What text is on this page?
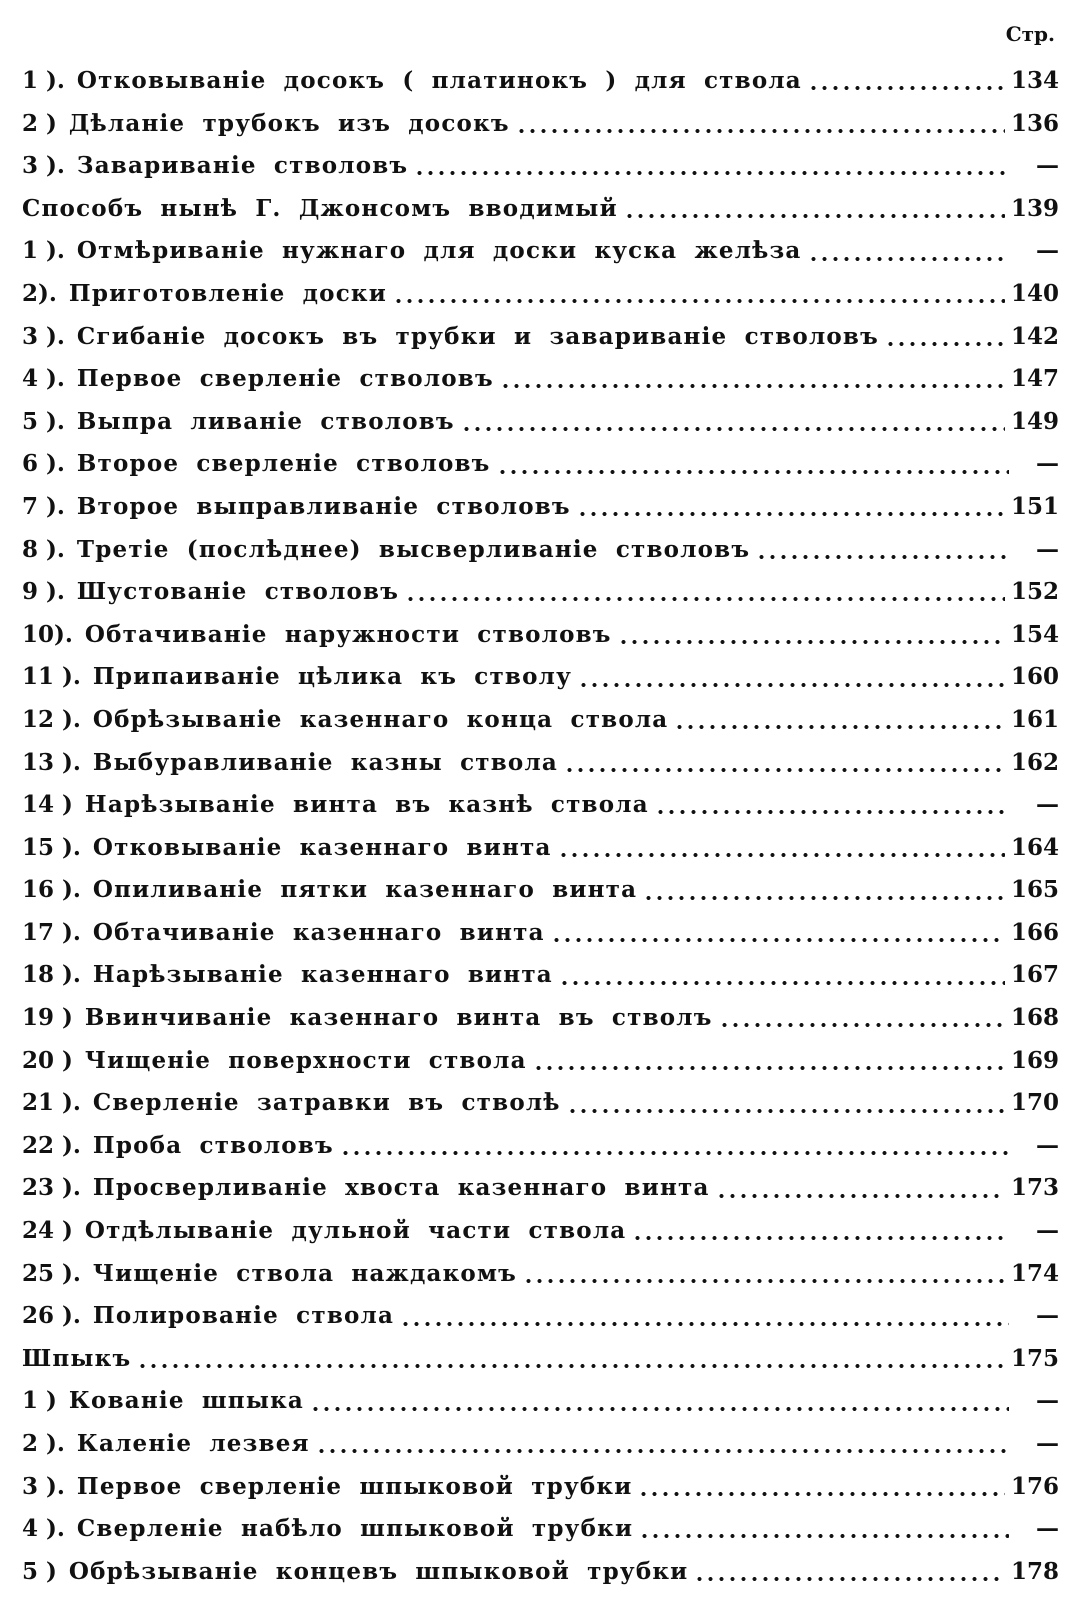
Стр.
1 ). Отковываніе досокъ ( платинокъ ) для ствола	134
2 ) Дѣланіе трубокъ изъ досокъ	136
3 ). Завариваніе стволовъ	—
Способъ нынѣ Г. Джонсомъ вводимый	139
1 ). Отмѣриваніе нужнаго для доски куска желѣза	—
2). Приготовленіе доски	140
3 ). Сгибаніе досокъ въ трубки и завариваніе стволовъ	142
4 ). Первое сверленіе стволовъ	147
5 ). Выпра ливаніе стволовъ	149
6 ). Второе сверленіе стволовъ	—
7 ). Второе выправливаніе стволовъ	151
8 ). Третіе (послѣднее) высверливаніе стволовъ	—
9 ). Шустованіе стволовъ	152
10). Обтачиваніе наружности стволовъ	154
11 ). Припаиваніе цѣлика къ стволу	160
12 ). Обрѣзываніе казеннаго конца ствола	161
13 ). Выбуравливаніе казны ствола	162
14 ) Нарѣзываніе винта въ казнѣ ствола	—
15 ). Отковываніе казеннаго винта	164
16 ). Опиливаніе пятки казеннаго винта	165
17 ). Обтачиваніе казеннаго винта	166
18 ). Нарѣзываніе казеннаго винта	167
19 ) Ввинчиваніе казеннаго винта въ стволъ	168
20 ) Чищеніе поверхности ствола	169
21 ). Сверленіе затравки въ стволѣ	170
22 ). Проба стволовъ	—
23 ). Просверливаніе хвоста казеннаго винта	173
24 ) Отдѣлываніе дульной части ствола	—
25 ). Чищеніе ствола наждакомъ	174
26 ). Полированіе ствола	—
Шпыкъ	175
1 ) Кованіе шпыка	—
2 ). Каленіе лезвея	—
3 ). Первое сверленіе шпыковой трубки	176
4 ). Сверленіе набѣло шпыковой трубки	—
5 ) Обрѣзываніе концевъ шпыковой трубки	178
